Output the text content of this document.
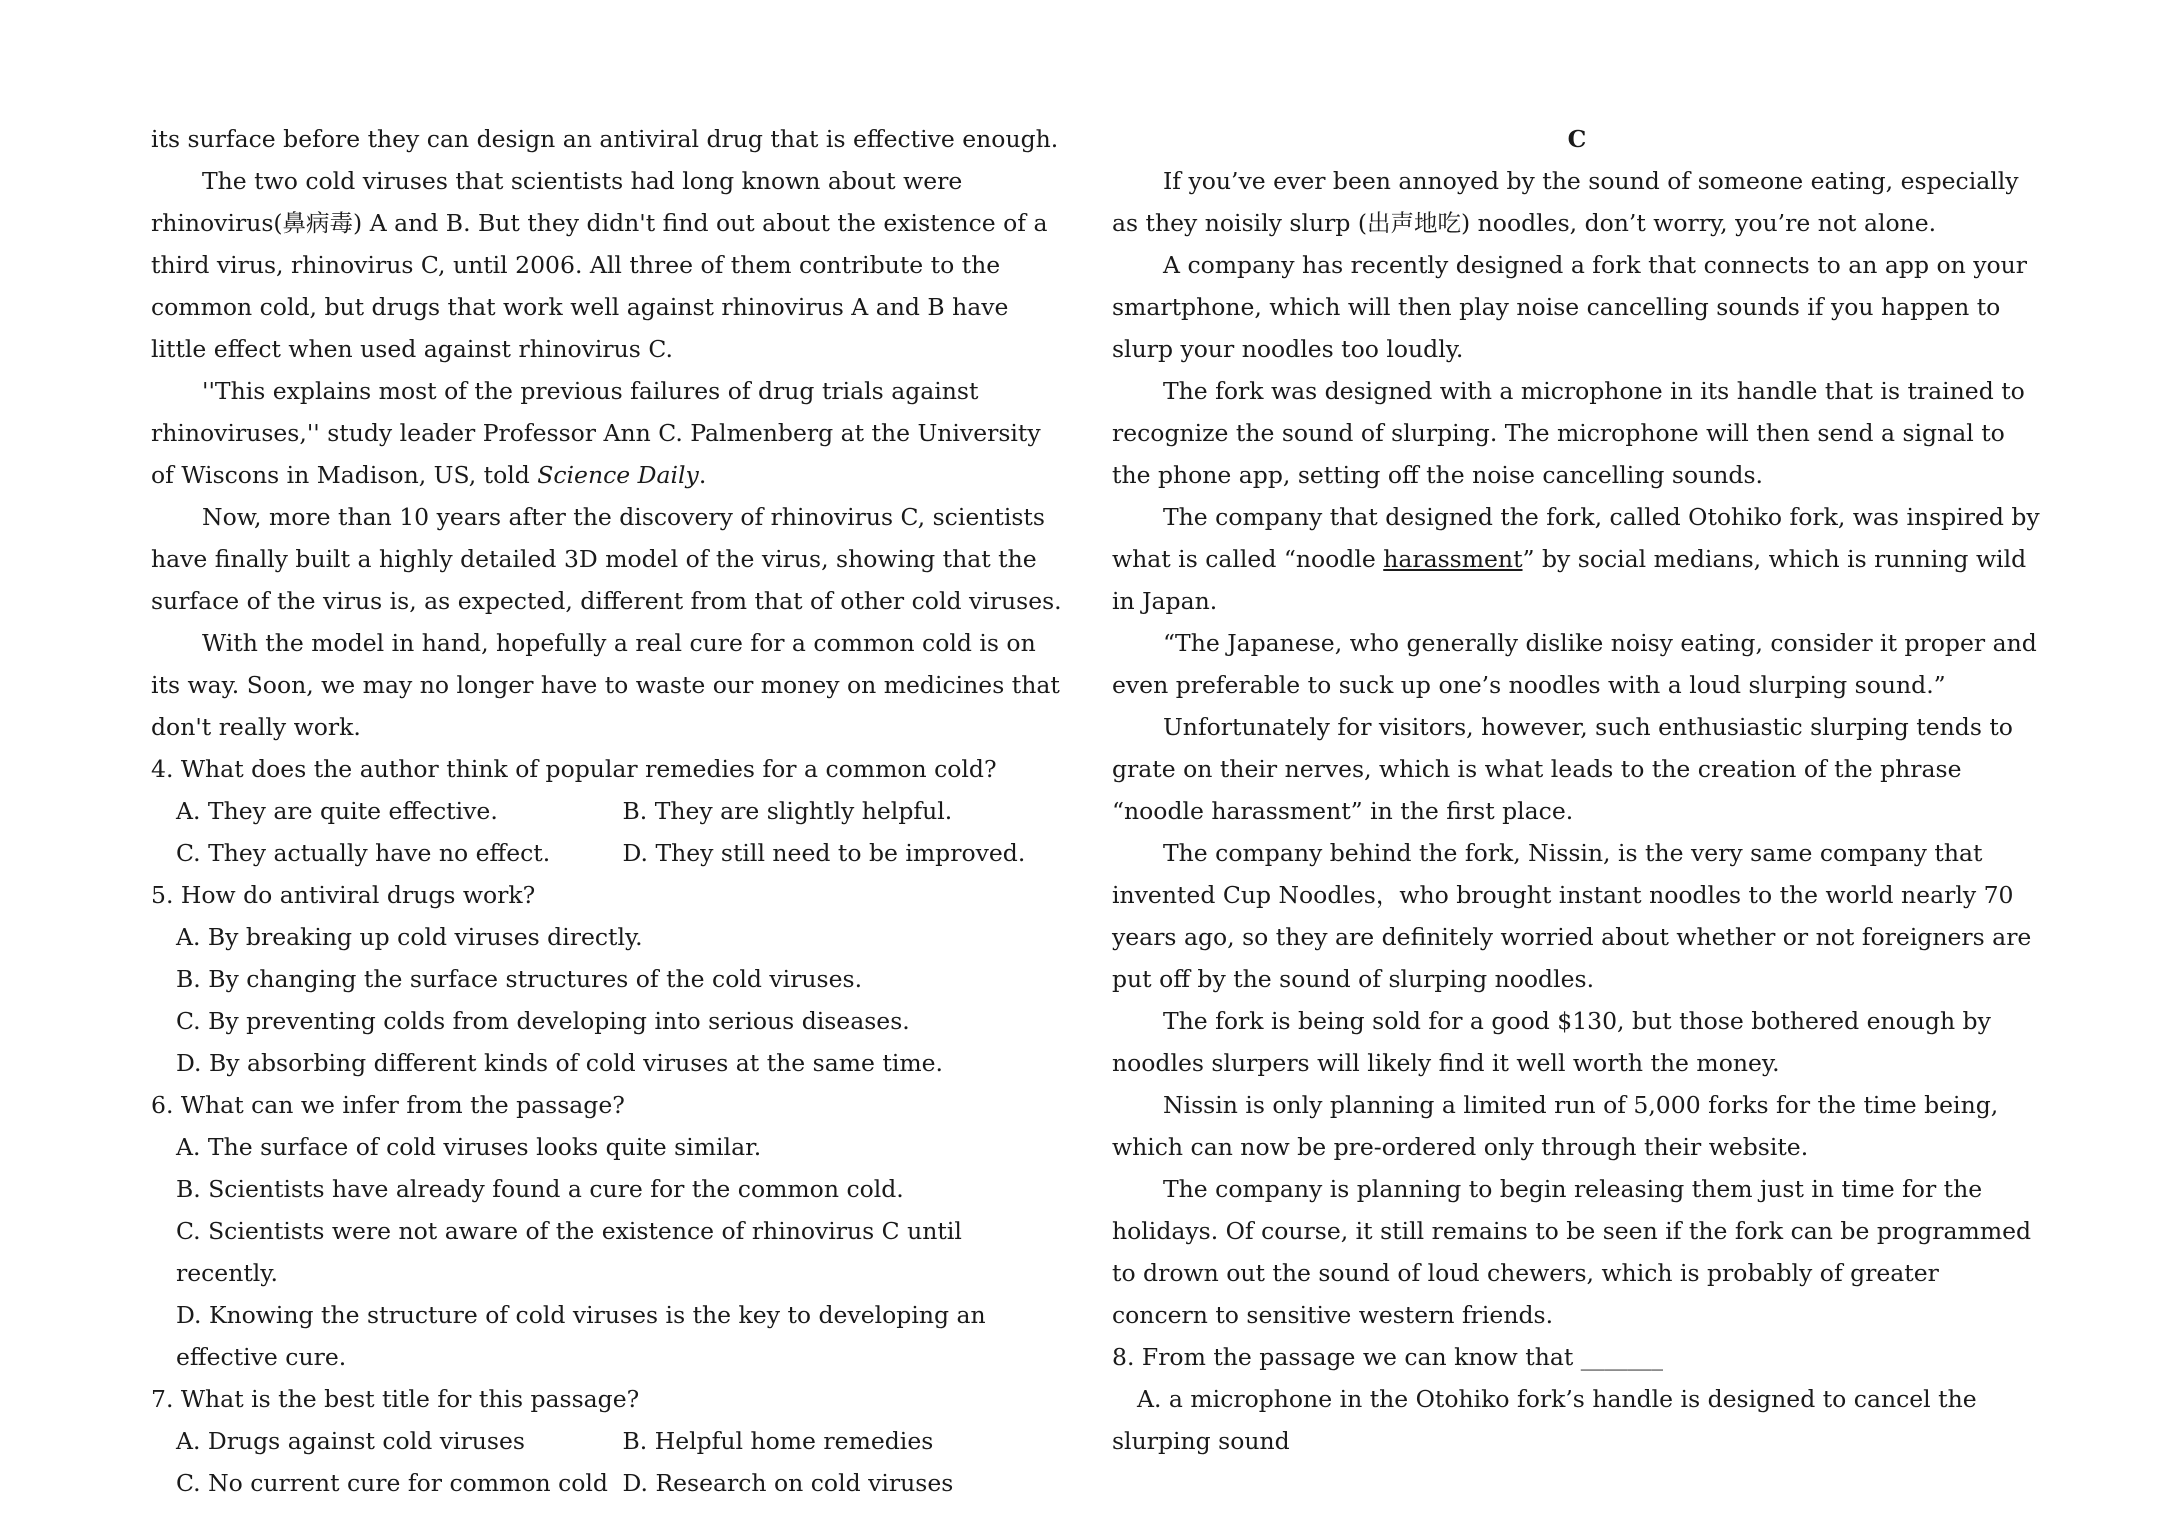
its surface before they can design an antiviral drug that is effective enough.

The two cold viruses that scientists had long known about were rhinovirus(鼻病毒) A and B. But they didn't find out about the existence of a third virus, rhinovirus C, until 2006. All three of them contribute to the common cold, but drugs that work well against rhinovirus A and B have little effect when used against rhinovirus C.

''This explains most of the previous failures of drug trials against rhinoviruses,'' study leader Professor Ann C. Palmenberg at the University of Wiscons in Madison, US, told Science Daily.

Now, more than 10 years after the discovery of rhinovirus C, scientists have finally built a highly detailed 3D model of the virus, showing that the surface of the virus is, as expected, different from that of other cold viruses.

With the model in hand, hopefully a real cure for a common cold is on its way. Soon, we may no longer have to waste our money on medicines that don't really work.

4. What does the author think of popular remedies for a common cold?

A. They are quite effective.	B. They are slightly helpful.
C. They actually have no effect.	D. They still need to be improved.

5. How do antiviral drugs work?

A. By breaking up cold viruses directly.

B. By changing the surface structures of the cold viruses.

C. By preventing colds from developing into serious diseases.

D. By absorbing different kinds of cold viruses at the same time.

6. What can we infer from the passage?

A. The surface of cold viruses looks quite similar.

B. Scientists have already found a cure for the common cold.

C. Scientists were not aware of the existence of rhinovirus C until recently.

D. Knowing the structure of cold viruses is the key to developing an effective cure.

7. What is the best title for this passage?

A. Drugs against cold viruses	B. Helpful home remedies
C. No current cure for common cold D. Research on cold viruses

C

If you’ve ever been annoyed by the sound of someone eating, especially as they noisily slurp (出声地吃) noodles, don’t worry, you’re not alone.

A company has recently designed a fork that connects to an app on your smartphone, which will then play noise cancelling sounds if you happen to slurp your noodles too loudly.

The fork was designed with a microphone in its handle that is trained to recognize the sound of slurping. The microphone will then send a signal to the phone app, setting off the noise cancelling sounds.

The company that designed the fork, called Otohiko fork, was inspired by what is called “noodle harassment” by social medians, which is running wild in Japan.

“The Japanese, who generally dislike noisy eating, consider it proper and even preferable to suck up one’s noodles with a loud slurping sound.”

Unfortunately for visitors, however, such enthusiastic slurping tends to grate on their nerves, which is what leads to the creation of the phrase “noodle harassment” in the first place.

The company behind the fork, Nissin, is the very same company that invented Cup Noodles，who brought instant noodles to the world nearly 70 years ago, so they are definitely worried about whether or not foreigners are put off by the sound of slurping noodles.

The fork is being sold for a good $130, but those bothered enough by noodles slurpers will likely find it well worth the money.

Nissin is only planning a limited run of 5,000 forks for the time being, which can now be pre-ordered only through their website.

The company is planning to begin releasing them just in time for the holidays. Of course, it still remains to be seen if the fork can be programmed to drown out the sound of loud chewers, which is probably of greater concern to sensitive western friends.

8. From the passage we can know that _______

A. a microphone in the Otohiko fork’s handle is designed to cancel the slurping sound
